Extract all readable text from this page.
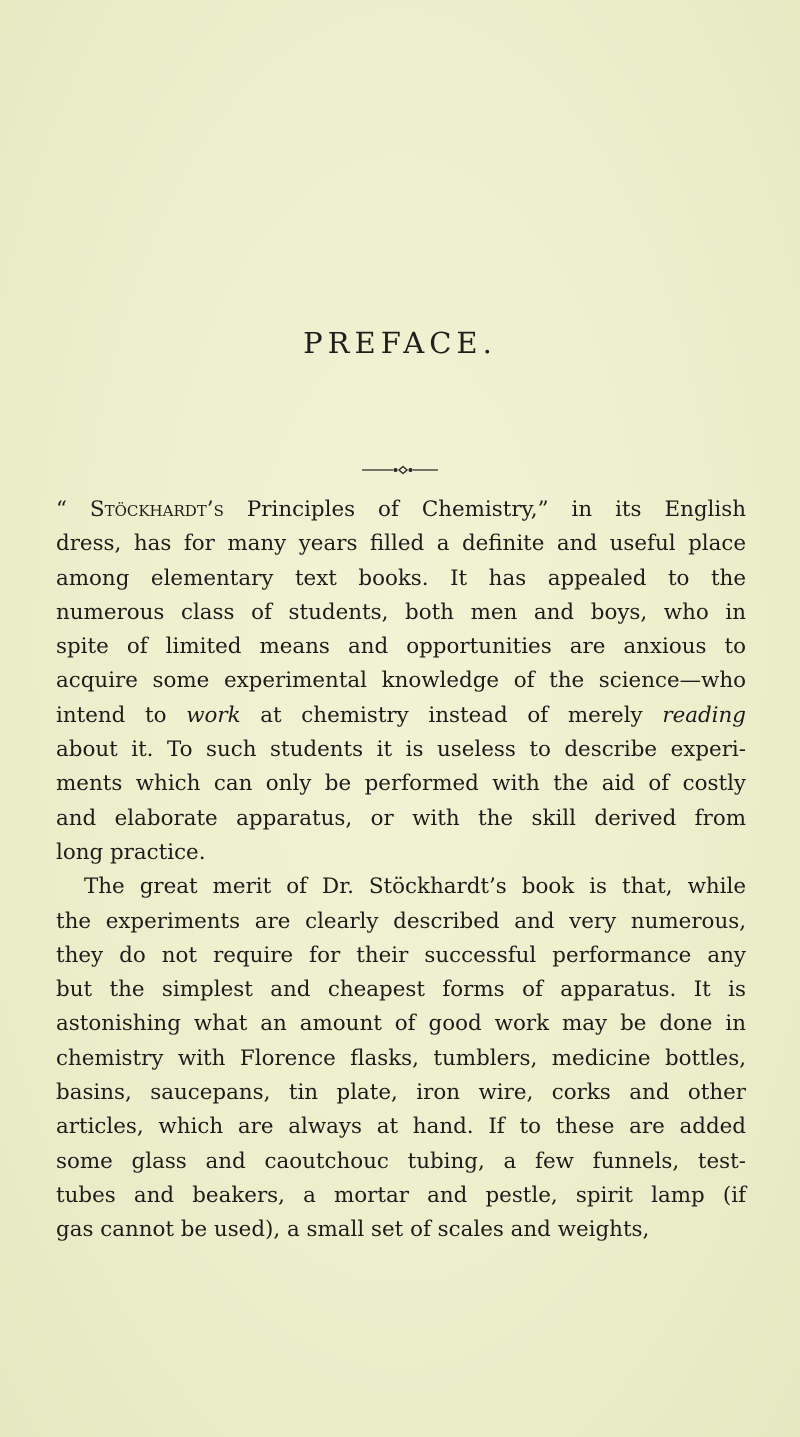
PREFACE.
“ Stöckhardt’s Principles of Chemistry,” in its English
dress, has for many years filled a definite and useful place
among elementary text books. It has appealed to the
numerous class of students, both men and boys, who in
spite of limited means and opportunities are anxious to
acquire some experimental knowledge of the science—who
intend to work at chemistry instead of merely reading
about it. To such students it is useless to describe experi-
ments which can only be performed with the aid of costly
and elaborate apparatus, or with the skill derived from
long practice.
The great merit of Dr. Stöckhardt’s book is that, while
the experiments are clearly described and very numerous,
they do not require for their successful performance any
but the simplest and cheapest forms of apparatus. It is
astonishing what an amount of good work may be done in
chemistry with Florence flasks, tumblers, medicine bottles,
basins, saucepans, tin plate, iron wire, corks and other
articles, which are always at hand. If to these are added
some glass and caoutchouc tubing, a few funnels, test-
tubes and beakers, a mortar and pestle, spirit lamp (if
gas cannot be used), a small set of scales and weights,
